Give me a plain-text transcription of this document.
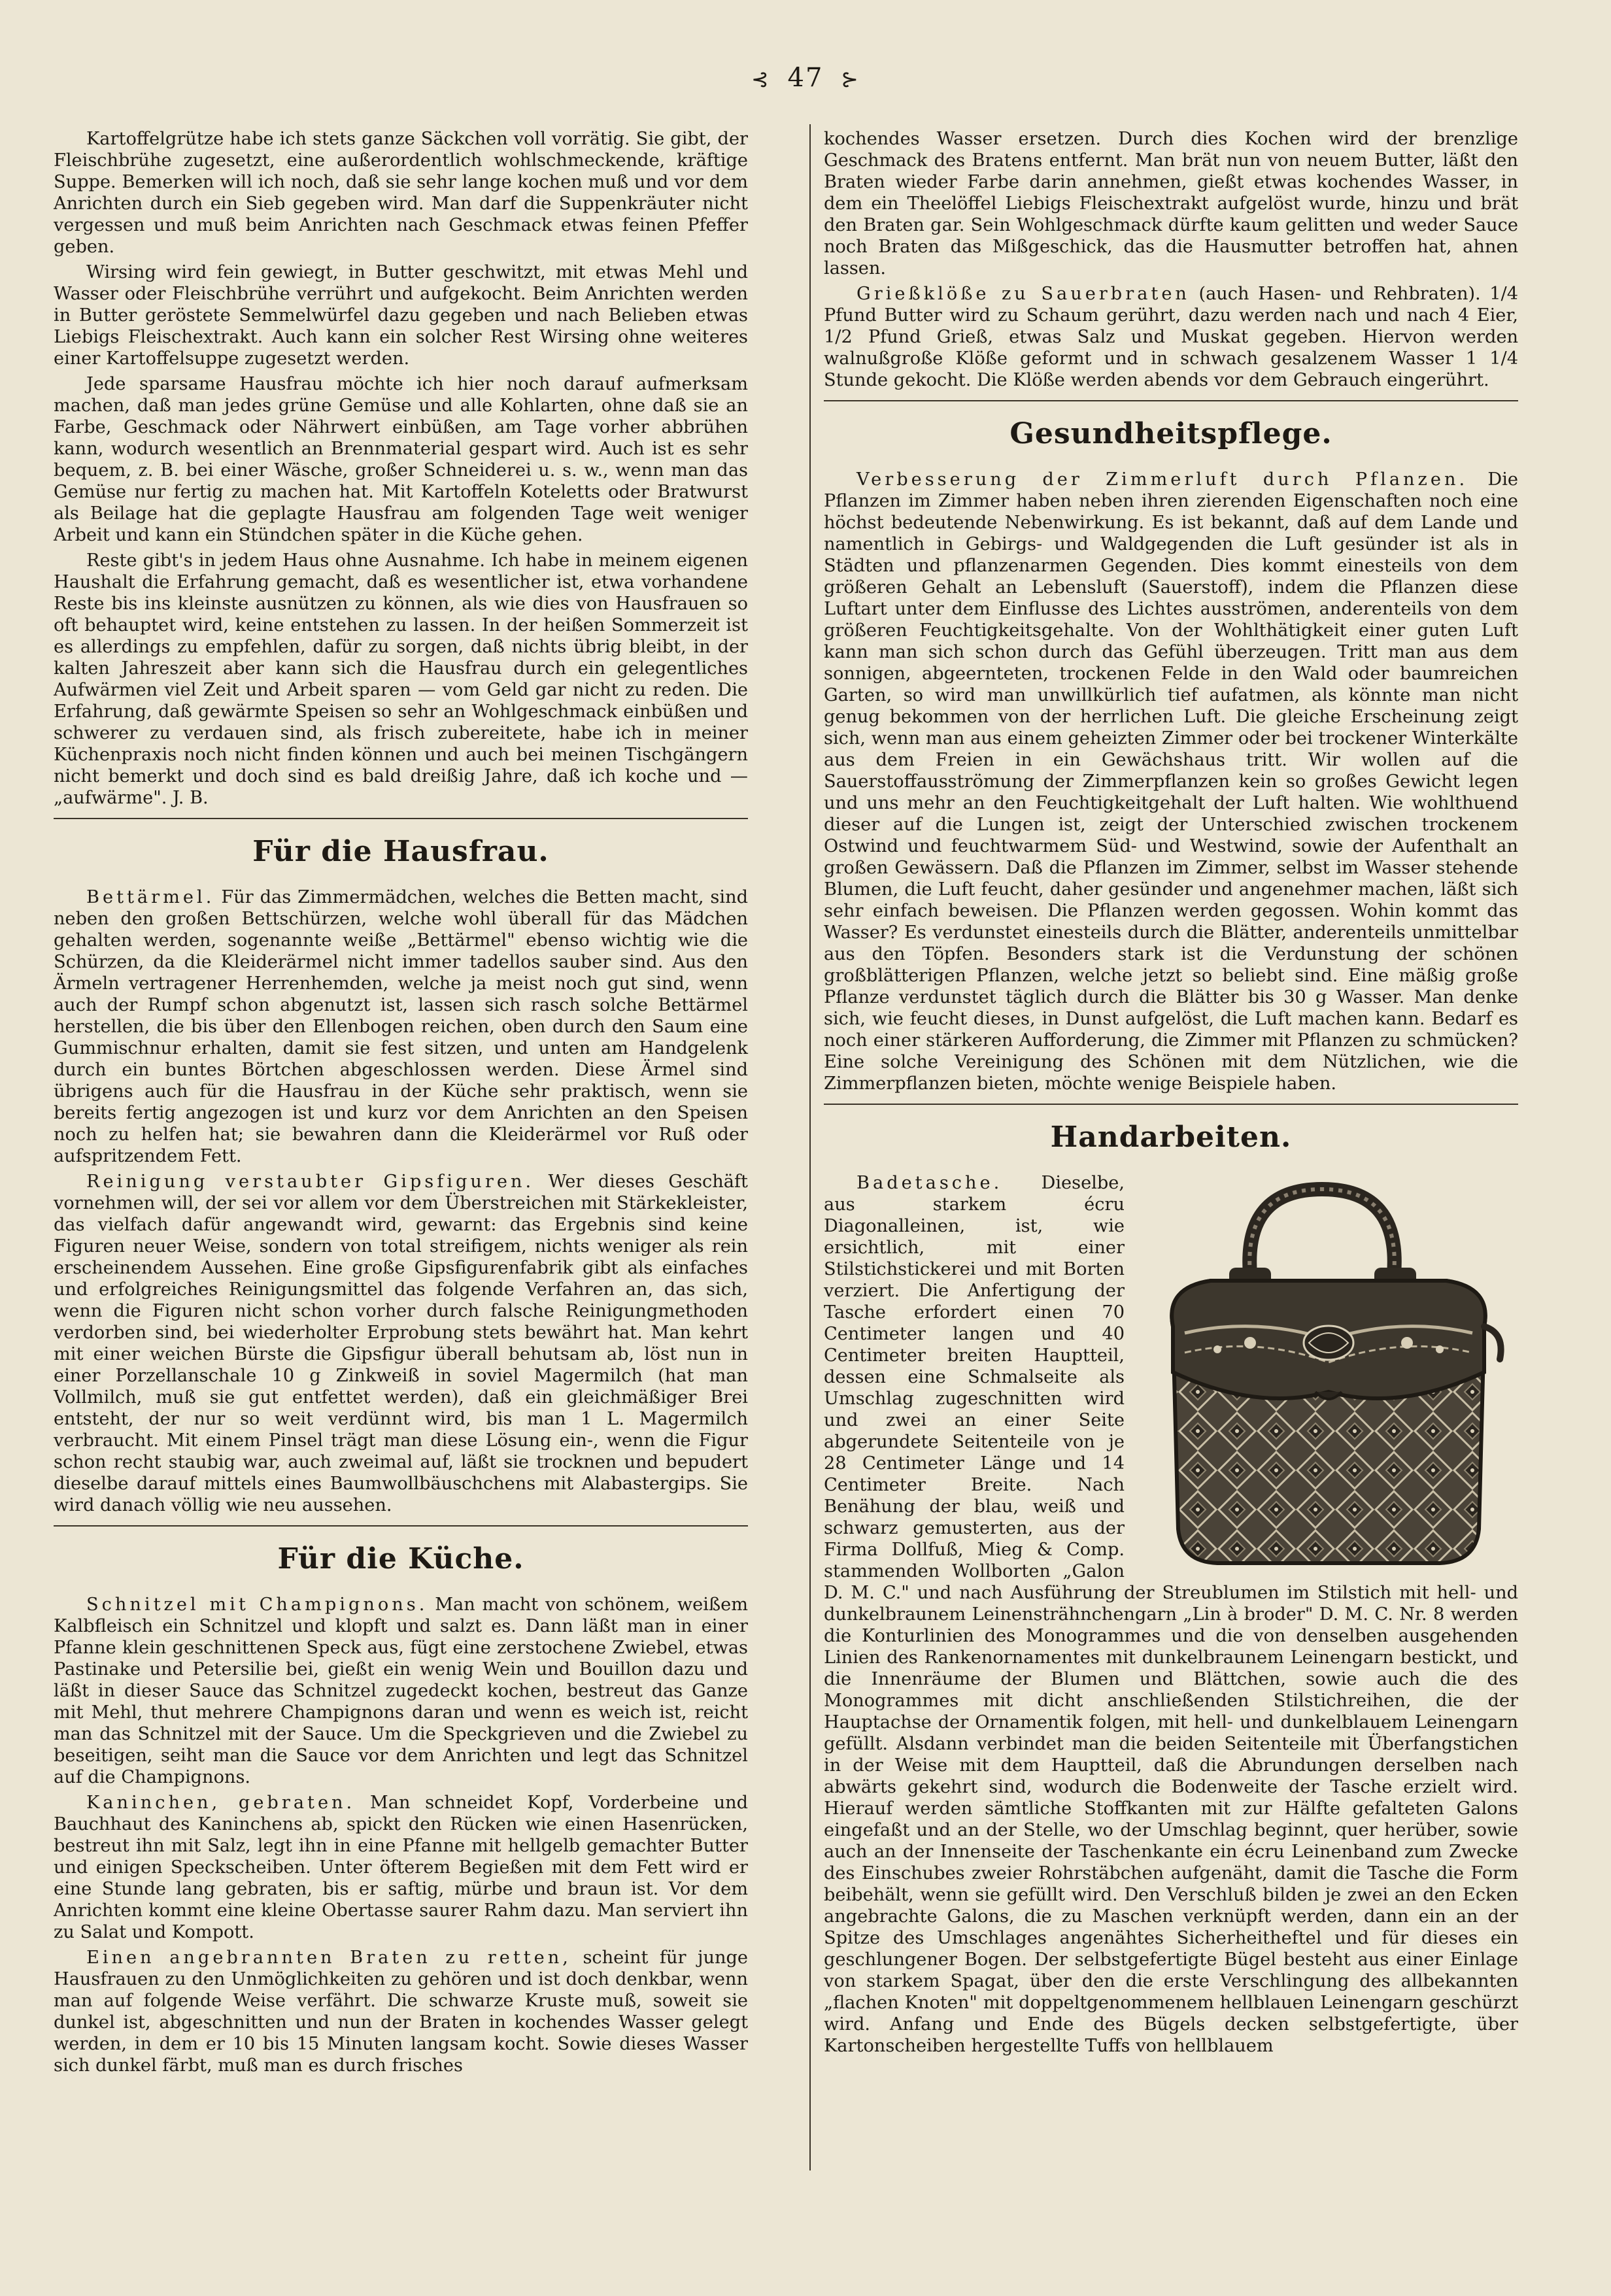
⊰ 47 ⊱

Kartoffelgrütze habe ich stets ganze Säckchen voll vorrätig. Sie gibt, der Fleischbrühe zugesetzt, eine außerordentlich wohlschmeckende, kräftige Suppe. Bemerken will ich noch, daß sie sehr lange kochen muß und vor dem Anrichten durch ein Sieb gegeben wird. Man darf die Suppenkräuter nicht vergessen und muß beim Anrichten nach Geschmack etwas feinen Pfeffer geben.

Wirsing wird fein gewiegt, in Butter geschwitzt, mit etwas Mehl und Wasser oder Fleischbrühe verrührt und aufgekocht. Beim Anrichten werden in Butter geröstete Semmelwürfel dazu gegeben und nach Belieben etwas Liebigs Fleischextrakt. Auch kann ein solcher Rest Wirsing ohne weiteres einer Kartoffelsuppe zugesetzt werden.

Jede sparsame Hausfrau möchte ich hier noch darauf aufmerksam machen, daß man jedes grüne Gemüse und alle Kohlarten, ohne daß sie an Farbe, Geschmack oder Nährwert einbüßen, am Tage vorher abbrühen kann, wodurch wesentlich an Brennmaterial gespart wird. Auch ist es sehr bequem, z. B. bei einer Wäsche, großer Schneiderei u. s. w., wenn man das Gemüse nur fertig zu machen hat. Mit Kartoffeln Koteletts oder Bratwurst als Beilage hat die geplagte Hausfrau am folgenden Tage weit weniger Arbeit und kann ein Stündchen später in die Küche gehen.

Reste gibt's in jedem Haus ohne Ausnahme. Ich habe in meinem eigenen Haushalt die Erfahrung gemacht, daß es wesentlicher ist, etwa vorhandene Reste bis ins kleinste ausnützen zu können, als wie dies von Hausfrauen so oft behauptet wird, keine entstehen zu lassen. In der heißen Sommerzeit ist es allerdings zu empfehlen, dafür zu sorgen, daß nichts übrig bleibt, in der kalten Jahreszeit aber kann sich die Hausfrau durch ein gelegentliches Aufwärmen viel Zeit und Arbeit sparen — vom Geld gar nicht zu reden. Die Erfahrung, daß gewärmte Speisen so sehr an Wohlgeschmack einbüßen und schwerer zu verdauen sind, als frisch zubereitete, habe ich in meiner Küchenpraxis noch nicht finden können und auch bei meinen Tischgängern nicht bemerkt und doch sind es bald dreißig Jahre, daß ich koche und — „aufwärme". J. B.

Für die Hausfrau.

Bettärmel. Für das Zimmermädchen, welches die Betten macht, sind neben den großen Bettschürzen, welche wohl überall für das Mädchen gehalten werden, sogenannte weiße „Bettärmel" ebenso wichtig wie die Schürzen, da die Kleiderärmel nicht immer tadellos sauber sind. Aus den Ärmeln vertragener Herrenhemden, welche ja meist noch gut sind, wenn auch der Rumpf schon abgenutzt ist, lassen sich rasch solche Bettärmel herstellen, die bis über den Ellenbogen reichen, oben durch den Saum eine Gummischnur erhalten, damit sie fest sitzen, und unten am Handgelenk durch ein buntes Börtchen abgeschlossen werden. Diese Ärmel sind übrigens auch für die Hausfrau in der Küche sehr praktisch, wenn sie bereits fertig angezogen ist und kurz vor dem Anrichten an den Speisen noch zu helfen hat; sie bewahren dann die Kleiderärmel vor Ruß oder aufspritzendem Fett.

Reinigung verstaubter Gipsfiguren. Wer dieses Geschäft vornehmen will, der sei vor allem vor dem Überstreichen mit Stärkekleister, das vielfach dafür angewandt wird, gewarnt: das Ergebnis sind keine Figuren neuer Weise, sondern von total streifigem, nichts weniger als rein erscheinendem Aussehen. Eine große Gipsfigurenfabrik gibt als einfaches und erfolgreiches Reinigungsmittel das folgende Verfahren an, das sich, wenn die Figuren nicht schon vorher durch falsche Reinigungmethoden verdorben sind, bei wiederholter Erprobung stets bewährt hat. Man kehrt mit einer weichen Bürste die Gipsfigur überall behutsam ab, löst nun in einer Porzellanschale 10 g Zinkweiß in soviel Magermilch (hat man Vollmilch, muß sie gut entfettet werden), daß ein gleichmäßiger Brei entsteht, der nur so weit verdünnt wird, bis man 1 L. Magermilch verbraucht. Mit einem Pinsel trägt man diese Lösung ein-, wenn die Figur schon recht staubig war, auch zweimal auf, läßt sie trocknen und bepudert dieselbe darauf mittels eines Baumwollbäuschchens mit Alabastergips. Sie wird danach völlig wie neu aussehen.

Für die Küche.

Schnitzel mit Champignons. Man macht von schönem, weißem Kalbfleisch ein Schnitzel und klopft und salzt es. Dann läßt man in einer Pfanne klein geschnittenen Speck aus, fügt eine zerstochene Zwiebel, etwas Pastinake und Petersilie bei, gießt ein wenig Wein und Bouillon dazu und läßt in dieser Sauce das Schnitzel zugedeckt kochen, bestreut das Ganze mit Mehl, thut mehrere Champignons daran und wenn es weich ist, reicht man das Schnitzel mit der Sauce. Um die Speckgrieven und die Zwiebel zu beseitigen, seiht man die Sauce vor dem Anrichten und legt das Schnitzel auf die Champignons.

Kaninchen, gebraten. Man schneidet Kopf, Vorderbeine und Bauchhaut des Kaninchens ab, spickt den Rücken wie einen Hasenrücken, bestreut ihn mit Salz, legt ihn in eine Pfanne mit hellgelb gemachter Butter und einigen Speckscheiben. Unter öfterem Begießen mit dem Fett wird er eine Stunde lang gebraten, bis er saftig, mürbe und braun ist. Vor dem Anrichten kommt eine kleine Obertasse saurer Rahm dazu. Man serviert ihn zu Salat und Kompott.

Einen angebrannten Braten zu retten, scheint für junge Hausfrauen zu den Unmöglichkeiten zu gehören und ist doch denkbar, wenn man auf folgende Weise verfährt. Die schwarze Kruste muß, soweit sie dunkel ist, abgeschnitten und nun der Braten in kochendes Wasser gelegt werden, in dem er 10 bis 15 Minuten langsam kocht. Sowie dieses Wasser sich dunkel färbt, muß man es durch frisches

kochendes Wasser ersetzen. Durch dies Kochen wird der brenzlige Geschmack des Bratens entfernt. Man brät nun von neuem Butter, läßt den Braten wieder Farbe darin annehmen, gießt etwas kochendes Wasser, in dem ein Theelöffel Liebigs Fleischextrakt aufgelöst wurde, hinzu und brät den Braten gar. Sein Wohlgeschmack dürfte kaum gelitten und weder Sauce noch Braten das Mißgeschick, das die Hausmutter betroffen hat, ahnen lassen.

Grießklöße zu Sauerbraten (auch Hasen- und Rehbraten). 1/4 Pfund Butter wird zu Schaum gerührt, dazu werden nach und nach 4 Eier, 1/2 Pfund Grieß, etwas Salz und Muskat gegeben. Hiervon werden walnußgroße Klöße geformt und in schwach gesalzenem Wasser 1 1/4 Stunde gekocht. Die Klöße werden abends vor dem Gebrauch eingerührt.

Gesundheitspflege.

Verbesserung der Zimmerluft durch Pflanzen. Die Pflanzen im Zimmer haben neben ihren zierenden Eigenschaften noch eine höchst bedeutende Nebenwirkung. Es ist bekannt, daß auf dem Lande und namentlich in Gebirgs- und Waldgegenden die Luft gesünder ist als in Städten und pflanzenarmen Gegenden. Dies kommt einesteils von dem größeren Gehalt an Lebensluft (Sauerstoff), indem die Pflanzen diese Luftart unter dem Einflusse des Lichtes ausströmen, anderenteils von dem größeren Feuchtigkeitsgehalte. Von der Wohlthätigkeit einer guten Luft kann man sich schon durch das Gefühl überzeugen. Tritt man aus dem sonnigen, abgeernteten, trockenen Felde in den Wald oder baumreichen Garten, so wird man unwillkürlich tief aufatmen, als könnte man nicht genug bekommen von der herrlichen Luft. Die gleiche Erscheinung zeigt sich, wenn man aus einem geheizten Zimmer oder bei trockener Winterkälte aus dem Freien in ein Gewächshaus tritt. Wir wollen auf die Sauerstoffausströmung der Zimmerpflanzen kein so großes Gewicht legen und uns mehr an den Feuchtigkeitgehalt der Luft halten. Wie wohlthuend dieser auf die Lungen ist, zeigt der Unterschied zwischen trockenem Ostwind und feuchtwarmem Süd- und Westwind, sowie der Aufenthalt an großen Gewässern. Daß die Pflanzen im Zimmer, selbst im Wasser stehende Blumen, die Luft feucht, daher gesünder und angenehmer machen, läßt sich sehr einfach beweisen. Die Pflanzen werden gegossen. Wohin kommt das Wasser? Es verdunstet einesteils durch die Blätter, anderenteils unmittelbar aus den Töpfen. Besonders stark ist die Verdunstung der schönen großblätterigen Pflanzen, welche jetzt so beliebt sind. Eine mäßig große Pflanze verdunstet täglich durch die Blätter bis 30 g Wasser. Man denke sich, wie feucht dieses, in Dunst aufgelöst, die Luft machen kann. Bedarf es noch einer stärkeren Aufforderung, die Zimmer mit Pflanzen zu schmücken? Eine solche Vereinigung des Schönen mit dem Nützlichen, wie die Zimmerpflanzen bieten, möchte wenige Beispiele haben.

Handarbeiten.

Badetasche. Dieselbe, aus starkem écru Diagonalleinen, ist, wie ersichtlich, mit einer Stilstichstickerei und mit Borten verziert. Die Anfertigung der Tasche erfordert einen 70 Centimeter langen und 40 Centimeter breiten Hauptteil, dessen eine Schmalseite als Umschlag zugeschnitten wird und zwei an einer Seite abgerundete Seitenteile von je 28 Centimeter Länge und 14 Centimeter Breite. Nach Benähung der blau, weiß und schwarz gemusterten, aus der Firma Dollfuß, Mieg & Comp. stammenden Wollborten „Galon D. M. C." und nach Ausführung der Streublumen im Stilstich mit hell- und dunkelbraunem Leinensträhnchengarn „Lin à broder" D. M. C. Nr. 8 werden die Konturlinien des Monogrammes und die von denselben ausgehenden Linien des Rankenornamentes mit dunkelbraunem Leinengarn bestickt, und die Innenräume der Blumen und Blättchen, sowie auch die des Monogrammes mit dicht anschließenden Stilstichreihen, die der Hauptachse der Ornamentik folgen, mit hell- und dunkelblauem Leinengarn gefüllt. Alsdann verbindet man die beiden Seitenteile mit Überfangstichen in der Weise mit dem Hauptteil, daß die Abrundungen derselben nach abwärts gekehrt sind, wodurch die Bodenweite der Tasche erzielt wird. Hierauf werden sämtliche Stoffkanten mit zur Hälfte gefalteten Galons eingefaßt und an der Stelle, wo der Umschlag beginnt, quer herüber, sowie auch an der Innenseite der Taschenkante ein écru Leinenband zum Zwecke des Einschubes zweier Rohrstäbchen aufgenäht, damit die Tasche die Form beibehält, wenn sie gefüllt wird. Den Verschluß bilden je zwei an den Ecken angebrachte Galons, die zu Maschen verknüpft werden, dann ein an der Spitze des Umschlages angenähtes Sicherheitheftel und für dieses ein geschlungener Bogen. Der selbstgefertigte Bügel besteht aus einer Einlage von starkem Spagat, über den die erste Verschlingung des allbekannten „flachen Knoten" mit doppeltgenommenem hellblauen Leinengarn geschürzt wird. Anfang und Ende des Bügels decken selbstgefertigte, über Kartonscheiben hergestellte Tuffs von hellblauem
